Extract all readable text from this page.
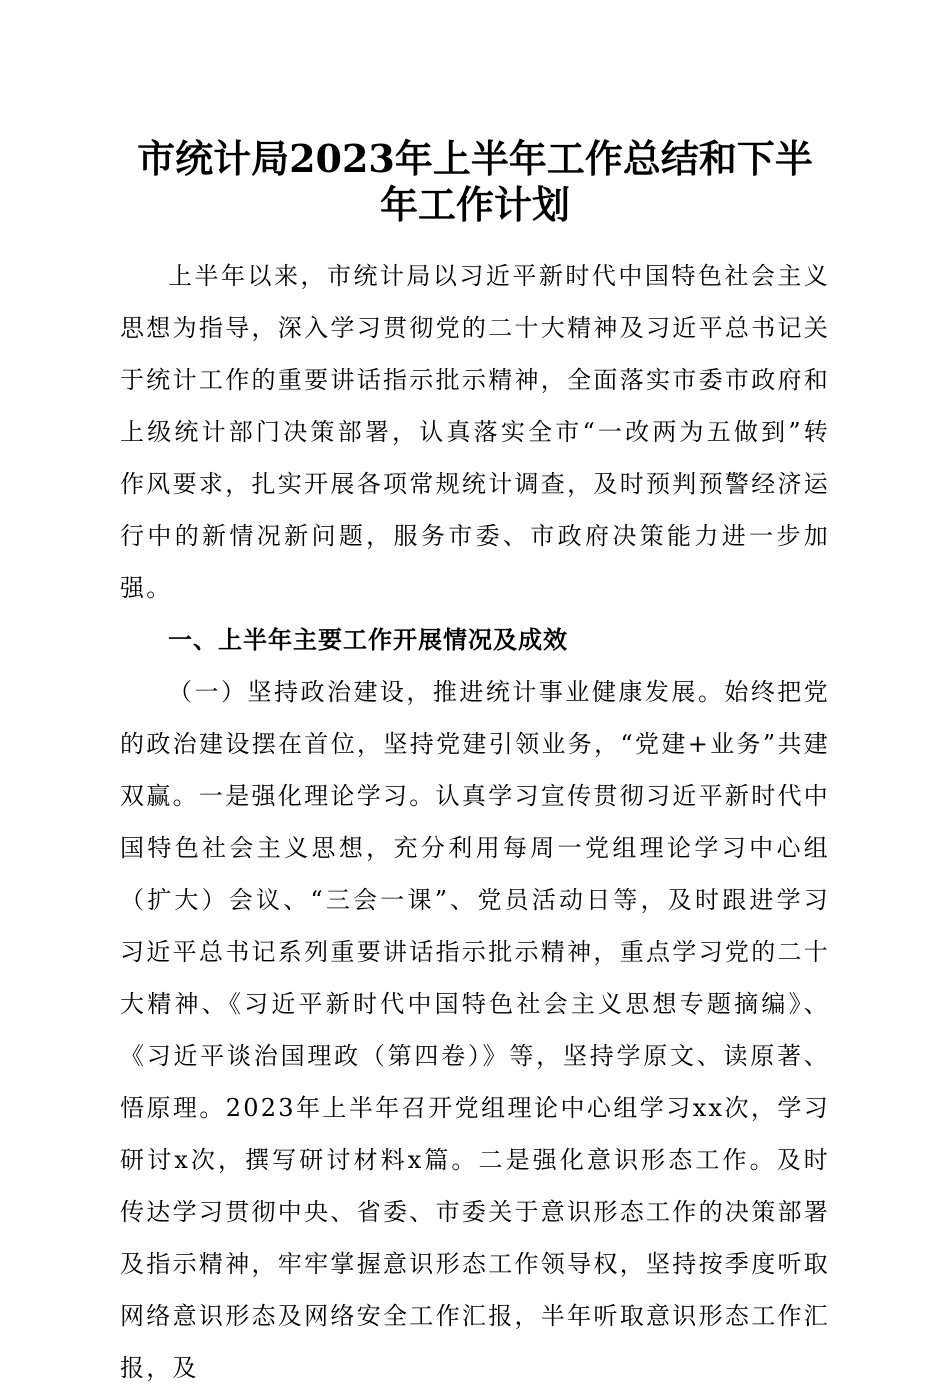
市统计局2023年上半年工作总结和下半年工作计划

上半年以来，市统计局以习近平新时代中国特色社会主义思想为指导，深入学习贯彻党的二十大精神及习近平总书记关于统计工作的重要讲话指示批示精神，全面落实市委市政府和上级统计部门决策部署，认真落实全市“一改两为五做到”转作风要求，扎实开展各项常规统计调查，及时预判预警经济运行中的新情况新问题，服务市委、市政府决策能力进一步加强。

一、上半年主要工作开展情况及成效

（一）坚持政治建设，推进统计事业健康发展。始终把党的政治建设摆在首位，坚持党建引领业务，“党建+业务”共建双赢。一是强化理论学习。认真学习宣传贯彻习近平新时代中国特色社会主义思想，充分利用每周一党组理论学习中心组（扩大）会议、“三会一课”、党员活动日等，及时跟进学习习近平总书记系列重要讲话指示批示精神，重点学习党的二十大精神、《习近平新时代中国特色社会主义思想专题摘编》、《习近平谈治国理政（第四卷）》等，坚持学原文、读原著、悟原理。2023年上半年召开党组理论中心组学习xx次，学习研讨x次，撰写研讨材料x篇。二是强化意识形态工作。及时传达学习贯彻中央、省委、市委关于意识形态工作的决策部署及指示精神，牢牢掌握意识形态工作领导权，坚持按季度听取网络意识形态及网络安全工作汇报，半年听取意识形态工作汇报，及
